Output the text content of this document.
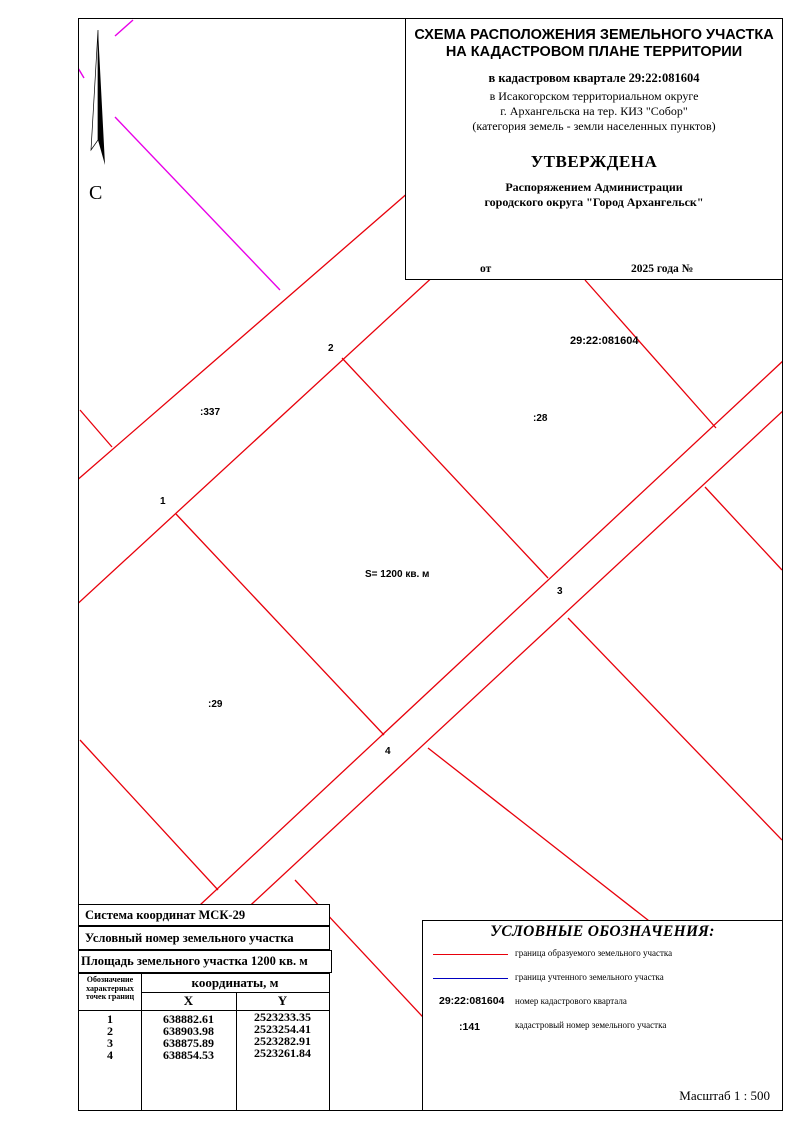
:337
:28
:29
29:22:081604
S= 1200 кв. м
2
1
3
4
С
СХЕМА РАСПОЛОЖЕНИЯ ЗЕМЕЛЬНОГО УЧАСТКА
НА КАДАСТРОВОМ ПЛАНЕ ТЕРРИТОРИИ
в кадастровом квартале 29:22:081604
в Исакогорском территориальном округе
г. Архангельска на тер. КИЗ "Собор"
(категория земель - земли населенных пунктов)
УТВЕРЖДЕНА
Распоряжением Администрации
городского округа "Город Архангельск"
от	2025 года №
Система координат МСК-29
Условный номер земельного участка
Площадь земельного участка 1200 кв. м
Обозначение характерных точек границ
координаты, м
X	Y
1	638882.61	2523233.35
2	638903.98	2523254.41
3	638875.89	2523282.91
4	638854.53	2523261.84
УСЛОВНЫЕ ОБОЗНАЧЕНИЯ:
граница образуемого земельного участка
граница учтенного земельного участка
29:22:081604 номер кадастрового квартала
:141	кадастровый номер земельного участка
Масштаб 1 : 500
